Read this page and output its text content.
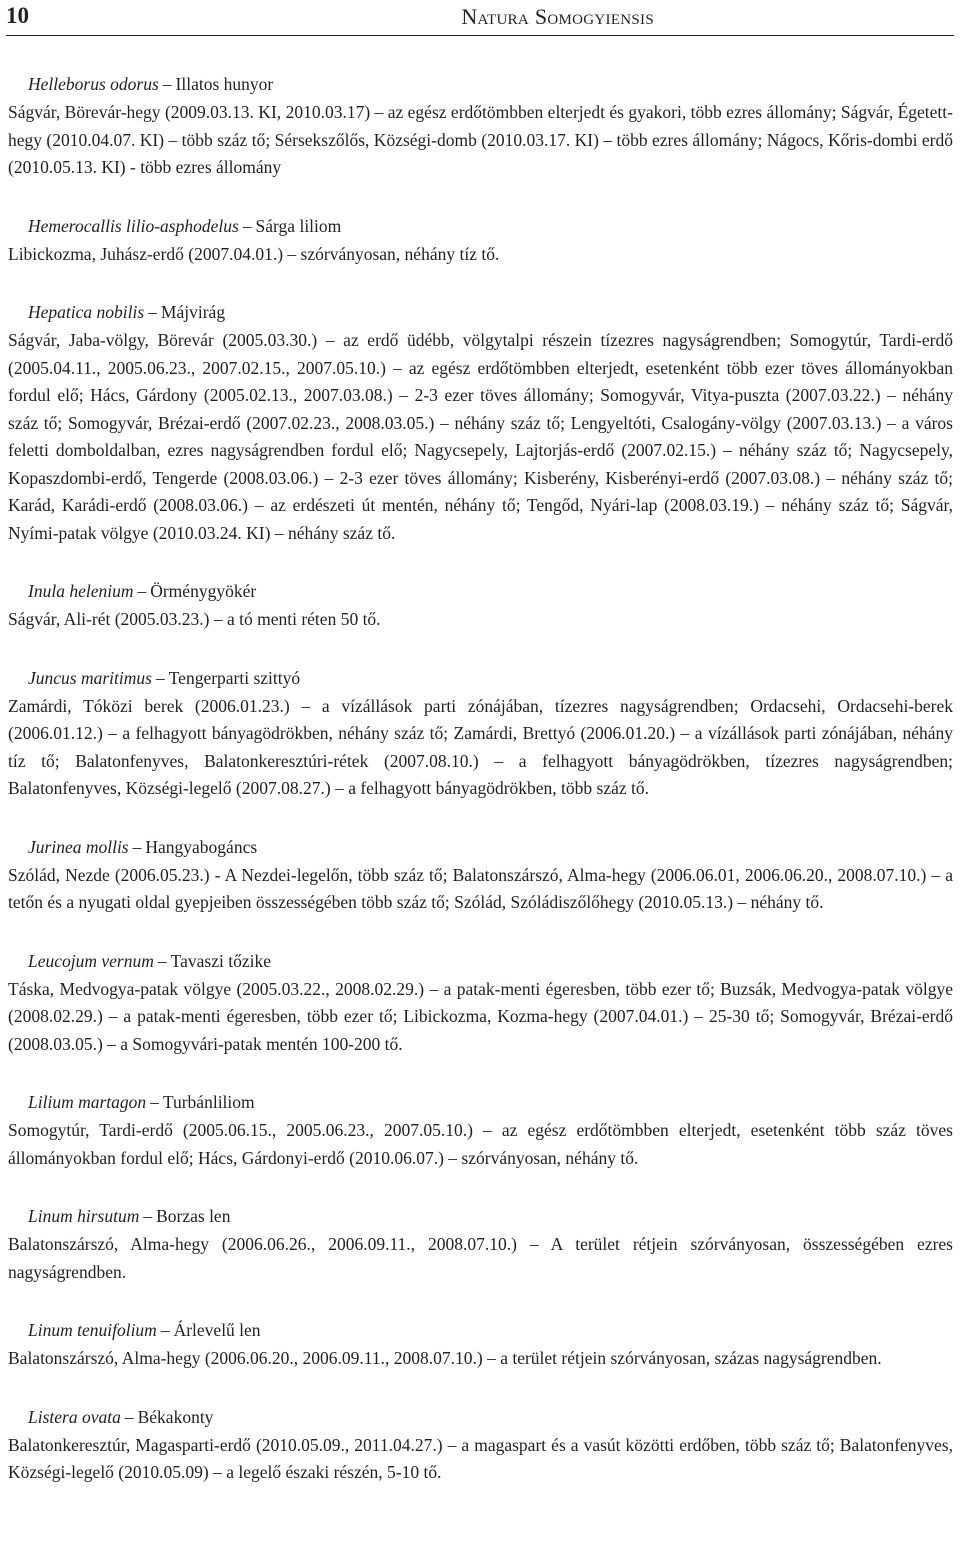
10	Natura Somogyiensis
Helleborus odorus – Illatos hunyor

Ságvár, Börevár-hegy (2009.03.13. KI, 2010.03.17) – az egész erdőtömbben elterjedt és gyakori, több ezres állomány; Ságvár, Égetett-hegy (2010.04.07. KI) – több száz tő; Sérsekszőlős, Községi-domb (2010.03.17. KI) – több ezres állomány; Nágocs, Kőris-dombi erdő (2010.05.13. KI) - több ezres állomány

Hemerocallis lilio-asphodelus – Sárga liliom

Libickozma, Juhász-erdő (2007.04.01.) – szórványosan, néhány tíz tő.

Hepatica nobilis – Májvirág

Ságvár, Jaba-völgy, Börevár (2005.03.30.) – az erdő üdébb, völgytalpi részein tízezres nagyságrendben; Somogytúr, Tardi-erdő (2005.04.11., 2005.06.23., 2007.02.15., 2007.05.10.) – az egész erdőtömbben elterjedt, esetenként több ezer töves állományokban fordul elő; Hács, Gárdony (2005.02.13., 2007.03.08.) – 2-3 ezer töves állomány; Somogyvár, Vitya-puszta (2007.03.22.) – néhány száz tő; Somogyvár, Brézai-erdő (2007.02.23., 2008.03.05.) – néhány száz tő; Lengyeltóti, Csalogány-völgy (2007.03.13.) – a város feletti domboldalban, ezres nagyságrendben fordul elő; Nagycsepely, Lajtorjás-erdő (2007.02.15.) – néhány száz tő; Nagycsepely, Kopaszdombi-erdő, Tengerde (2008.03.06.) – 2-3 ezer töves állomány; Kisberény, Kisberényi-erdő (2007.03.08.) – néhány száz tő; Karád, Karádi-erdő (2008.03.06.) – az erdészeti út mentén, néhány tő; Tengőd, Nyári-lap (2008.03.19.) – néhány száz tő; Ságvár, Nyími-patak völgye (2010.03.24. KI) – néhány száz tő.

Inula helenium – Örménygyökér

Ságvár, Ali-rét (2005.03.23.) – a tó menti réten 50 tő.

Juncus maritimus – Tengerparti szittyó

Zamárdi, Tóközi berek (2006.01.23.) – a vízállások parti zónájában, tízezres nagyságrendben; Ordacsehi, Ordacsehi-berek (2006.01.12.) – a felhagyott bányagödrökben, néhány száz tő; Zamárdi, Brettyó (2006.01.20.) – a vízállások parti zónájában, néhány tíz tő; Balatonfenyves, Balatonkeresztúri-rétek (2007.08.10.) – a felhagyott bányagödrökben, tízezres nagyságrendben; Balatonfenyves, Községi-legelő (2007.08.27.) – a felhagyott bányagödrökben, több száz tő.

Jurinea mollis – Hangyabogáncs

Szólád, Nezde (2006.05.23.) - A Nezdei-legelőn, több száz tő; Balatonszárszó, Alma-hegy (2006.06.01, 2006.06.20., 2008.07.10.) – a tetőn és a nyugati oldal gyepjeiben összességében több száz tő; Szólád, Szóládiszőlőhegy (2010.05.13.) – néhány tő.

Leucojum vernum – Tavaszi tőzike

Táska, Medvogya-patak völgye (2005.03.22., 2008.02.29.) – a patak-menti égeresben, több ezer tő; Buzsák, Medvogya-patak völgye (2008.02.29.) – a patak-menti égeresben, több ezer tő; Libickozma, Kozma-hegy (2007.04.01.) – 25-30 tő; Somogyvár, Brézai-erdő (2008.03.05.) – a Somogyvári-patak mentén 100-200 tő.

Lilium martagon – Turbánliliom

Somogytúr, Tardi-erdő (2005.06.15., 2005.06.23., 2007.05.10.) – az egész erdőtömbben elterjedt, esetenként több száz töves állományokban fordul elő; Hács, Gárdonyi-erdő (2010.06.07.) – szórványosan, néhány tő.

Linum hirsutum – Borzas len

Balatonszárszó, Alma-hegy (2006.06.26., 2006.09.11., 2008.07.10.) – A terület rétjein szórványosan, összességében ezres nagyságrendben.

Linum tenuifolium – Árlevelű len

Balatonszárszó, Alma-hegy (2006.06.20., 2006.09.11., 2008.07.10.) – a terület rétjein szórványosan, százas nagyságrendben.

Listera ovata – Békakonty

Balatonkeresztúr, Magasparti-erdő (2010.05.09., 2011.04.27.) – a magaspart és a vasút közötti erdőben, több száz tő; Balatonfenyves, Községi-legelő (2010.05.09) – a legelő északi részén, 5-10 tő.
